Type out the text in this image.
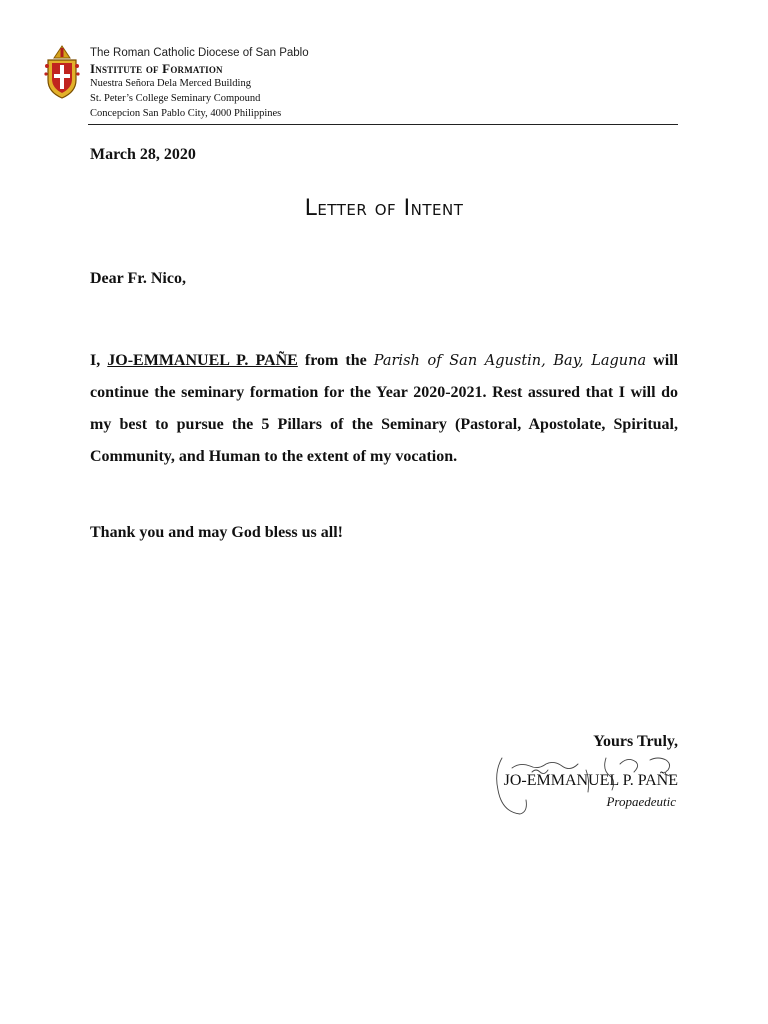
The Roman Catholic Diocese of San Pablo
Institute of Formation
Nuestra Señora Dela Merced Building
St. Peter’s College Seminary Compound
Concepcion San Pablo City, 4000 Philippines
March 28, 2020
Letter of Intent
Dear Fr. Nico,
I, JO-EMMANUEL P. PAÑE from the Parish of San Agustin, Bay, Laguna will continue the seminary formation for the Year 2020-2021. Rest assured that I will do my best to pursue the 5 Pillars of the Seminary (Pastoral, Apostolate, Spiritual, Community, and Human to the extent of my vocation.
Thank you and may God bless us all!
Yours Truly,
JO-EMMANUEL P. PAÑE
Propaedeutic
